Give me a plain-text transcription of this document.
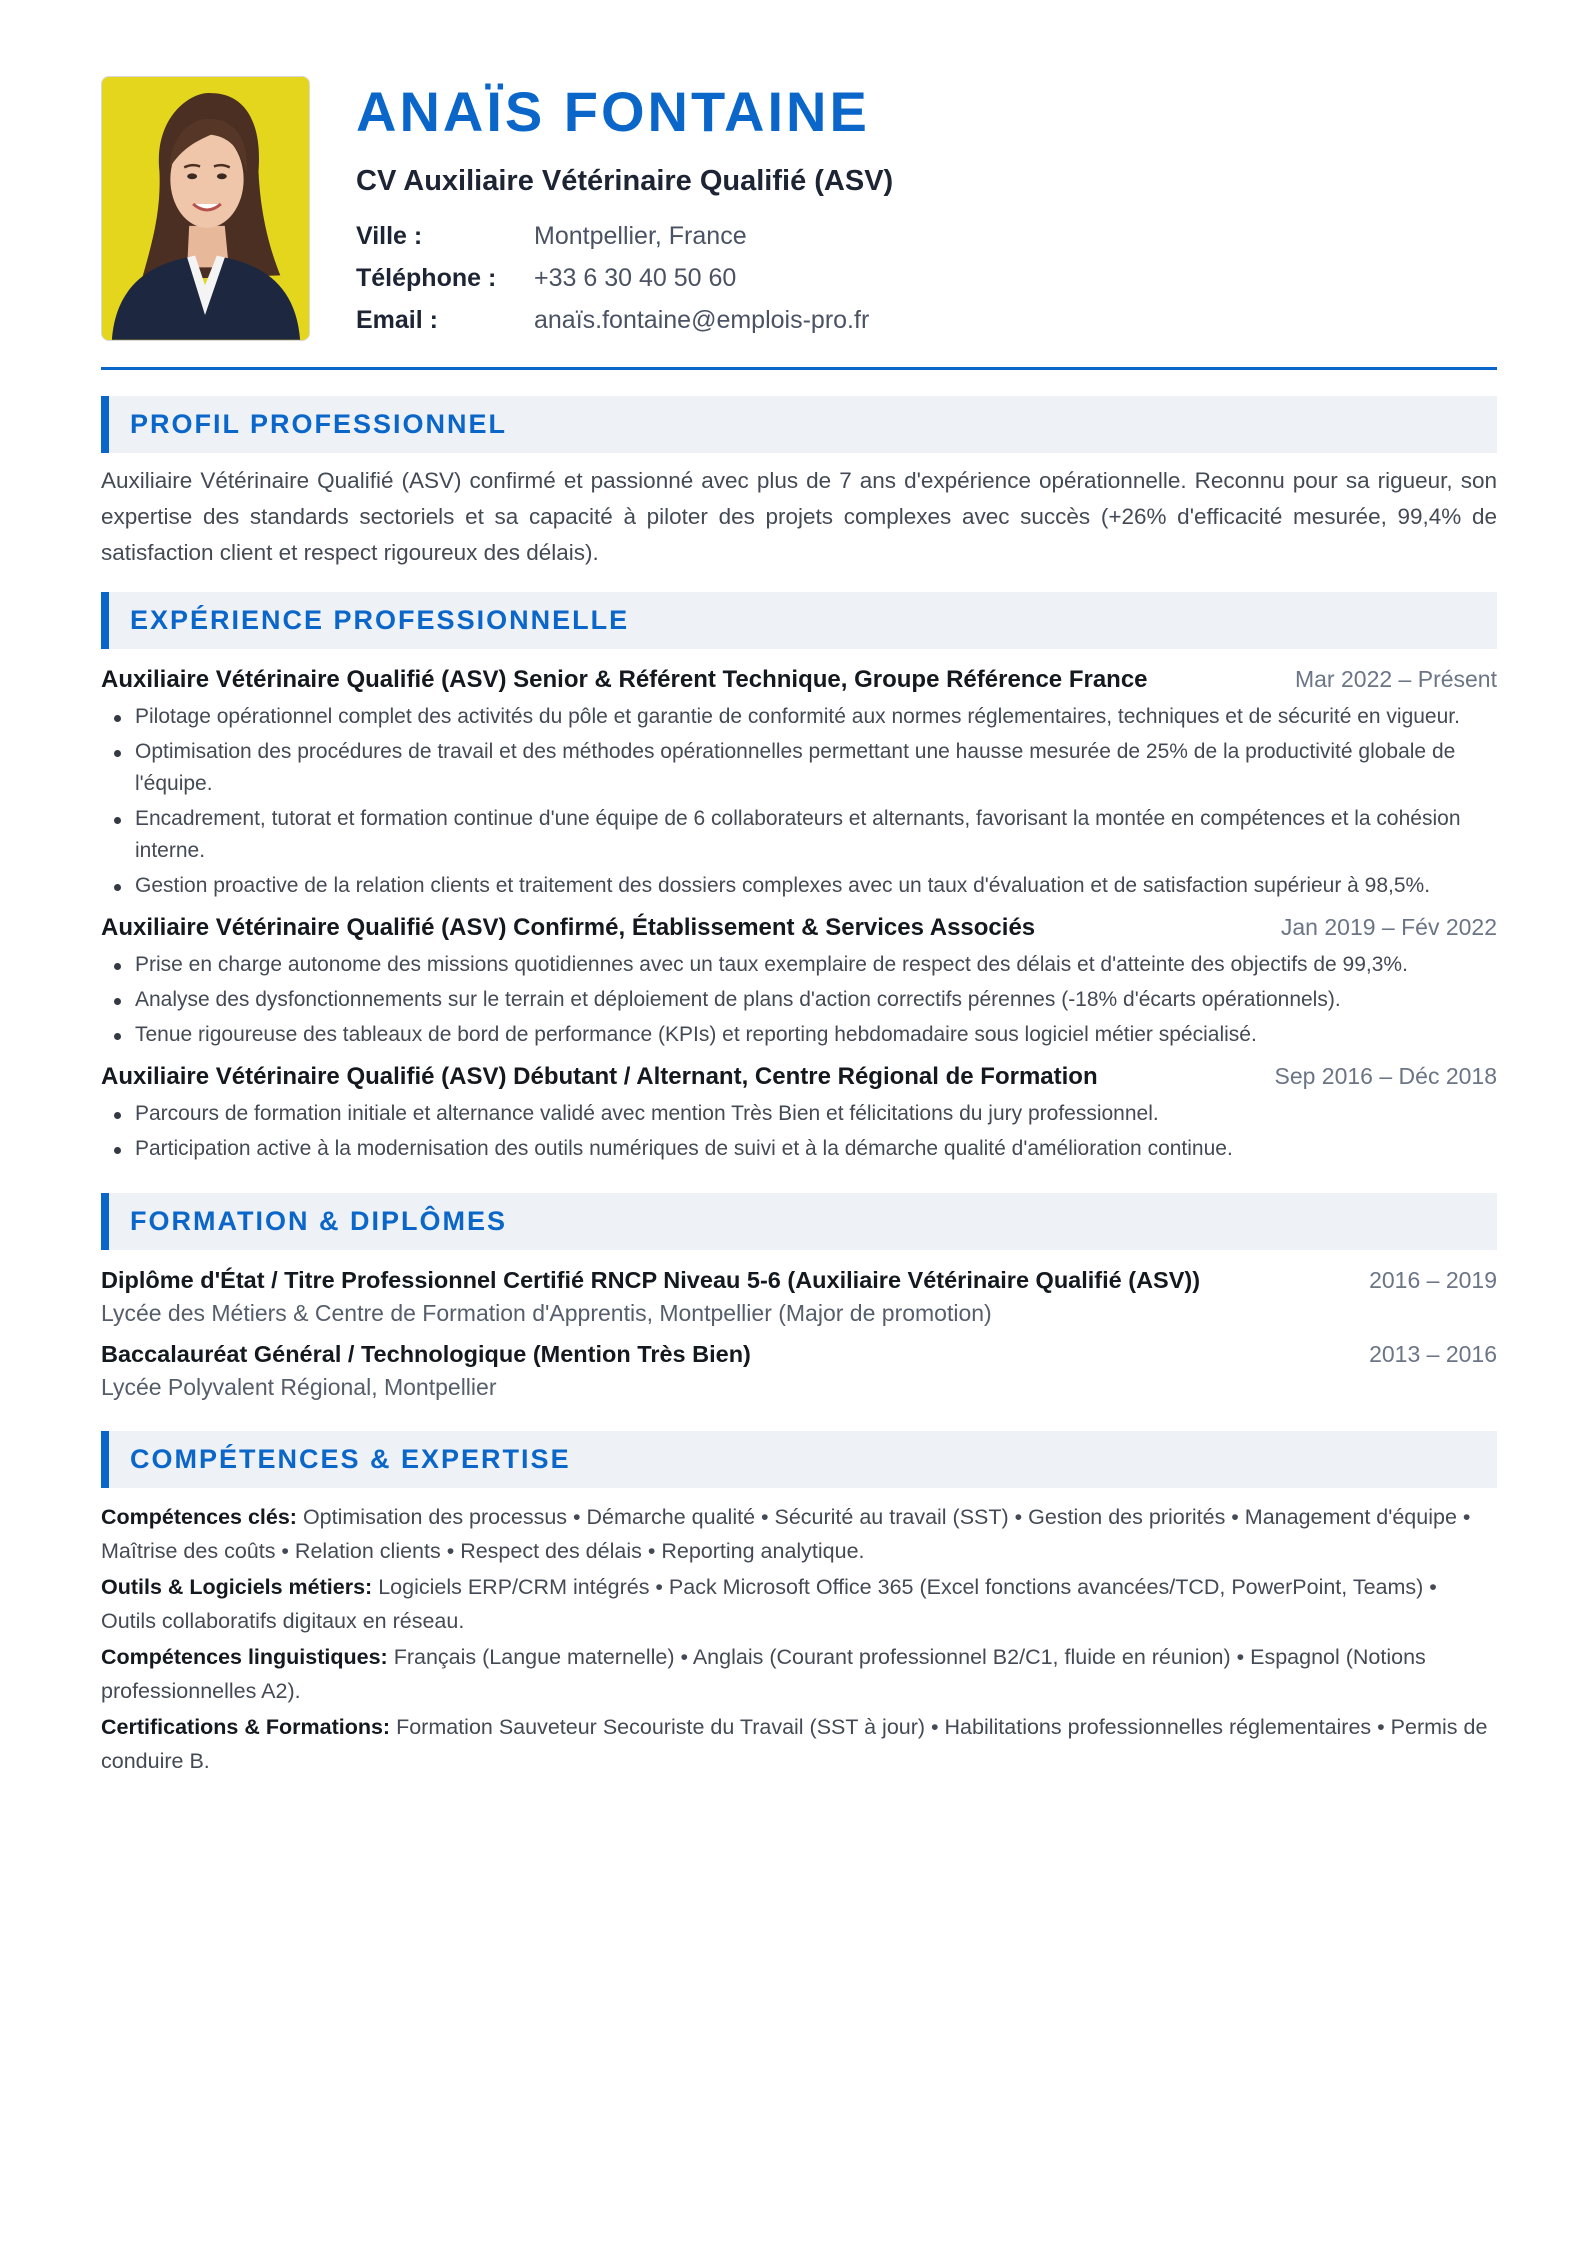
ANAÏS FONTAINE
CV Auxiliaire Vétérinaire Qualifié (ASV)
Ville :	Montpellier, France
Téléphone :	+33 6 30 40 50 60
Email :	anaïs.fontaine@emplois-pro.fr
PROFIL PROFESSIONNEL

Auxiliaire Vétérinaire Qualifié (ASV) confirmé et passionné avec plus de 7 ans d'expérience opérationnelle. Reconnu pour sa rigueur, son expertise des standards sectoriels et sa capacité à piloter des projets complexes avec succès (+26% d'efficacité mesurée, 99,4% de satisfaction client et respect rigoureux des délais).

EXPÉRIENCE PROFESSIONNELLE
Auxiliaire Vétérinaire Qualifié (ASV) Senior & Référent Technique, Groupe Référence France	Mar 2022 – Présent
Pilotage opérationnel complet des activités du pôle et garantie de conformité aux normes réglementaires, techniques et de sécurité en vigueur.
Optimisation des procédures de travail et des méthodes opérationnelles permettant une hausse mesurée de 25% de la productivité globale de l'équipe.
Encadrement, tutorat et formation continue d'une équipe de 6 collaborateurs et alternants, favorisant la montée en compétences et la cohésion interne.
Gestion proactive de la relation clients et traitement des dossiers complexes avec un taux d'évaluation et de satisfaction supérieur à 98,5%.
Auxiliaire Vétérinaire Qualifié (ASV) Confirmé, Établissement & Services Associés	Jan 2019 – Fév 2022
Prise en charge autonome des missions quotidiennes avec un taux exemplaire de respect des délais et d'atteinte des objectifs de 99,3%.
Analyse des dysfonctionnements sur le terrain et déploiement de plans d'action correctifs pérennes (-18% d'écarts opérationnels).
Tenue rigoureuse des tableaux de bord de performance (KPIs) et reporting hebdomadaire sous logiciel métier spécialisé.
Auxiliaire Vétérinaire Qualifié (ASV) Débutant / Alternant, Centre Régional de Formation	Sep 2016 – Déc 2018
Parcours de formation initiale et alternance validé avec mention Très Bien et félicitations du jury professionnel.
Participation active à la modernisation des outils numériques de suivi et à la démarche qualité d'amélioration continue.
FORMATION & DIPLÔMES
Diplôme d'État / Titre Professionnel Certifié RNCP Niveau 5-6 (Auxiliaire Vétérinaire Qualifié (ASV))	2016 – 2019
Lycée des Métiers & Centre de Formation d'Apprentis, Montpellier (Major de promotion)
Baccalauréat Général / Technologique (Mention Très Bien)	2013 – 2016
Lycée Polyvalent Régional, Montpellier
COMPÉTENCES & EXPERTISE

Compétences clés: Optimisation des processus • Démarche qualité • Sécurité au travail (SST) • Gestion des priorités • Management d'équipe • Maîtrise des coûts • Relation clients • Respect des délais • Reporting analytique.

Outils & Logiciels métiers: Logiciels ERP/CRM intégrés • Pack Microsoft Office 365 (Excel fonctions avancées/TCD, PowerPoint, Teams) • Outils collaboratifs digitaux en réseau.

Compétences linguistiques: Français (Langue maternelle) • Anglais (Courant professionnel B2/C1, fluide en réunion) • Espagnol (Notions professionnelles A2).

Certifications & Formations: Formation Sauveteur Secouriste du Travail (SST à jour) • Habilitations professionnelles réglementaires • Permis de conduire B.
